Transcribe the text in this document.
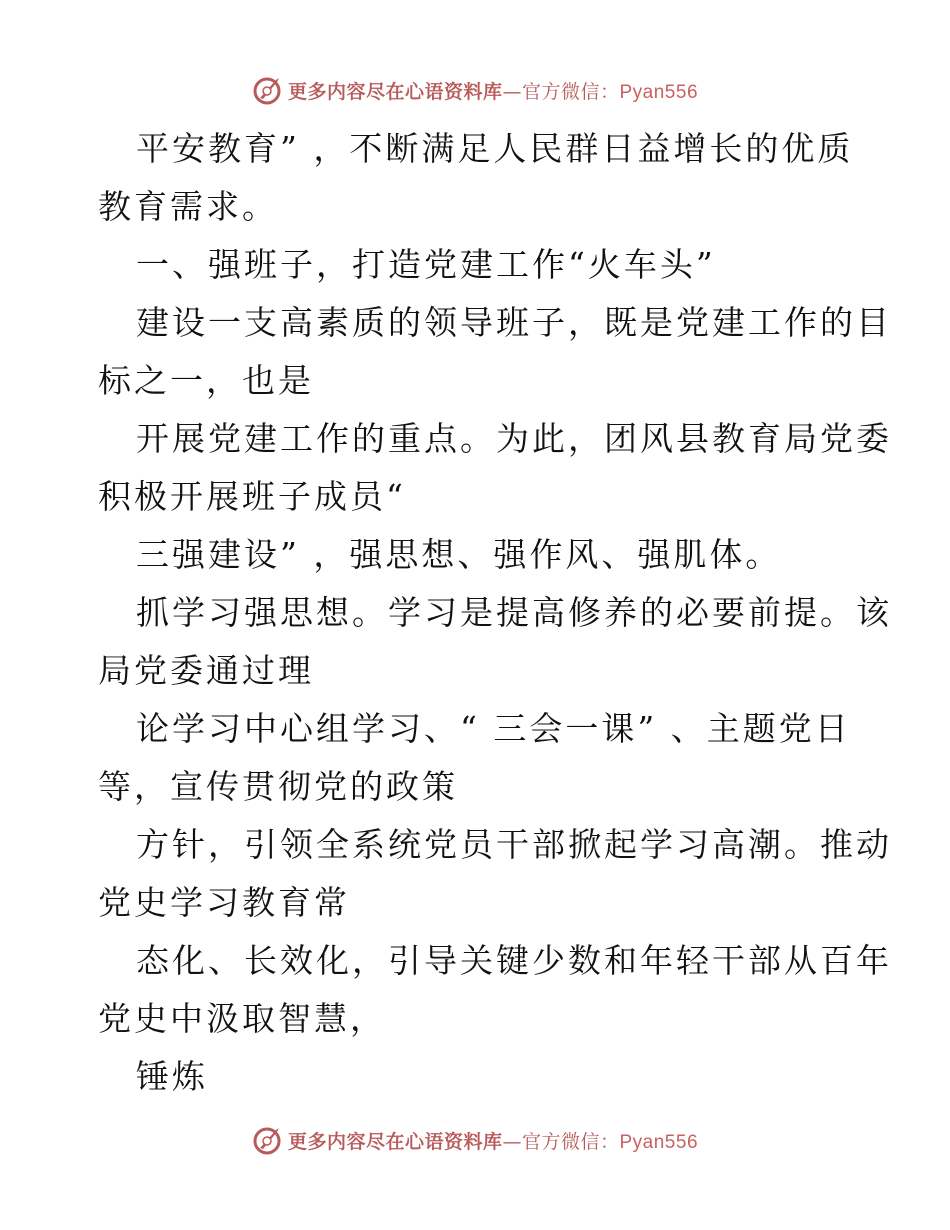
更多内容尽在心语资料库—官方微信：Pyan556
平安教育” ，不断满足人民群日益增长的优质
教育需求。
一、强班子，打造党建工作“火车头”
建设一支高素质的领导班子，既是党建工作的目
标之一，也是
开展党建工作的重点。为此，团风县教育局党委
积极开展班子成员“
三强建设” ，强思想、强作风、强肌体。
抓学习强思想。学习是提高修养的必要前提。该
局党委通过理
论学习中心组学习、“ 三会一课” 、主题党日
等，宣传贯彻党的政策
方针，引领全系统党员干部掀起学习高潮。推动
党史学习教育常
态化、长效化，引导关键少数和年轻干部从百年
党史中汲取智慧，
锤炼
更多内容尽在心语资料库—官方微信：Pyan556
